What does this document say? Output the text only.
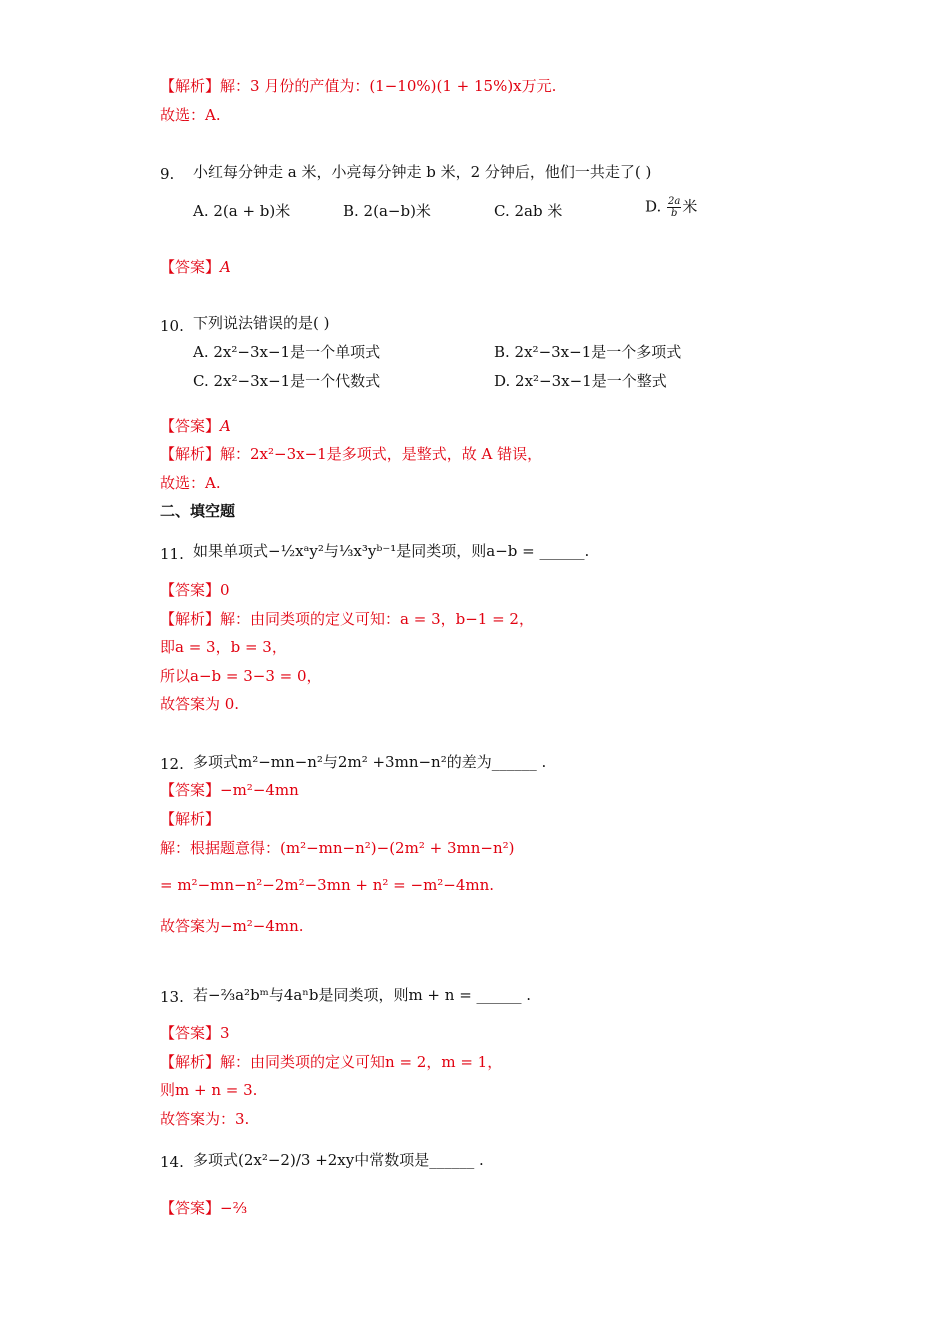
【解析】解：3 月份的产值为：(1−10%)(1 + 15%)x万元.
故选：A.
9. 小红每分钟走 a 米，小亮每分钟走 b 米，2 分钟后，他们一共走了( )
A. 2(a + b)米	B. 2(a−b)米	C. 2ab 米	D. $\frac{2a}{b}$ 米
【答案】A
10. 下列说法错误的是( )
A. 2x²−3x−1是一个单项式	B. 2x²−3x−1是一个多项式
C. 2x²−3x−1是一个代数式	D. 2x²−3x−1是一个整式
【答案】A
【解析】解：2x²−3x−1是多项式，是整式，故 A 错误，
故选：A.
二、填空题
11. 如果单项式−½xᵃy²与⅓x³yᵇ⁻¹是同类项，则a−b = ______.
【答案】0
【解析】解：由同类项的定义可知：a = 3，b−1 = 2，
即a = 3，b = 3，
所以a−b = 3−3 = 0，
故答案为 0.
12. 多项式m²−mn−n²与2m² +3mn−n²的差为______ .
【答案】−m²−4mn
【解析】
解：根据题意得：(m²−mn−n²)−(2m² + 3mn−n²)
= m²−mn−n²−2m²−3mn + n² = −m²−4mn.
故答案为−m²−4mn.
13. 若−⅔a²bᵐ与4aⁿb是同类项，则m + n = ______ .
【答案】3
【解析】解：由同类项的定义可知n = 2，m = 1，
则m + n = 3.
故答案为：3.
14. 多项式(2x²−2)/3 +2xy中常数项是______ .
【答案】−⅔
